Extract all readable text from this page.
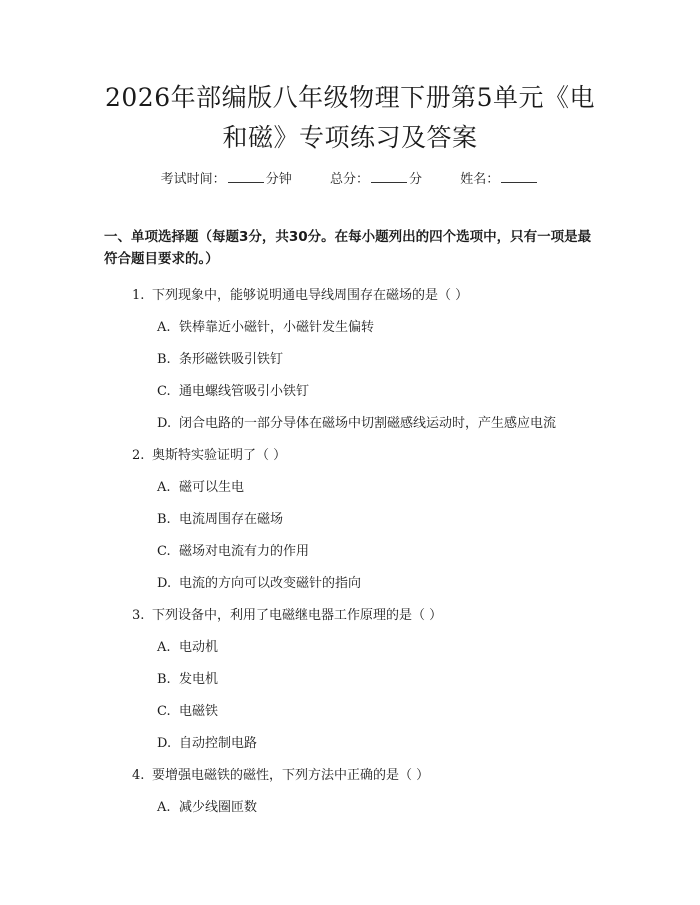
2026年部编版八年级物理下册第5单元《电
和磁》专项练习及答案
考试时间：	分钟	总分：	分	姓名：
一、单项选择题（每题3分，共30分。在每小题列出的四个选项中，只有一项是最符合题目要求的。）
1. 下列现象中，能够说明通电导线周围存在磁场的是（ ）
A. 铁棒靠近小磁针，小磁针发生偏转
B. 条形磁铁吸引铁钉
C. 通电螺线管吸引小铁钉
D. 闭合电路的一部分导体在磁场中切割磁感线运动时，产生感应电流
2. 奥斯特实验证明了（ ）
A. 磁可以生电
B. 电流周围存在磁场
C. 磁场对电流有力的作用
D. 电流的方向可以改变磁针的指向
3. 下列设备中，利用了电磁继电器工作原理的是（ ）
A. 电动机
B. 发电机
C. 电磁铁
D. 自动控制电路
4. 要增强电磁铁的磁性，下列方法中正确的是（ ）
A. 减少线圈匝数
